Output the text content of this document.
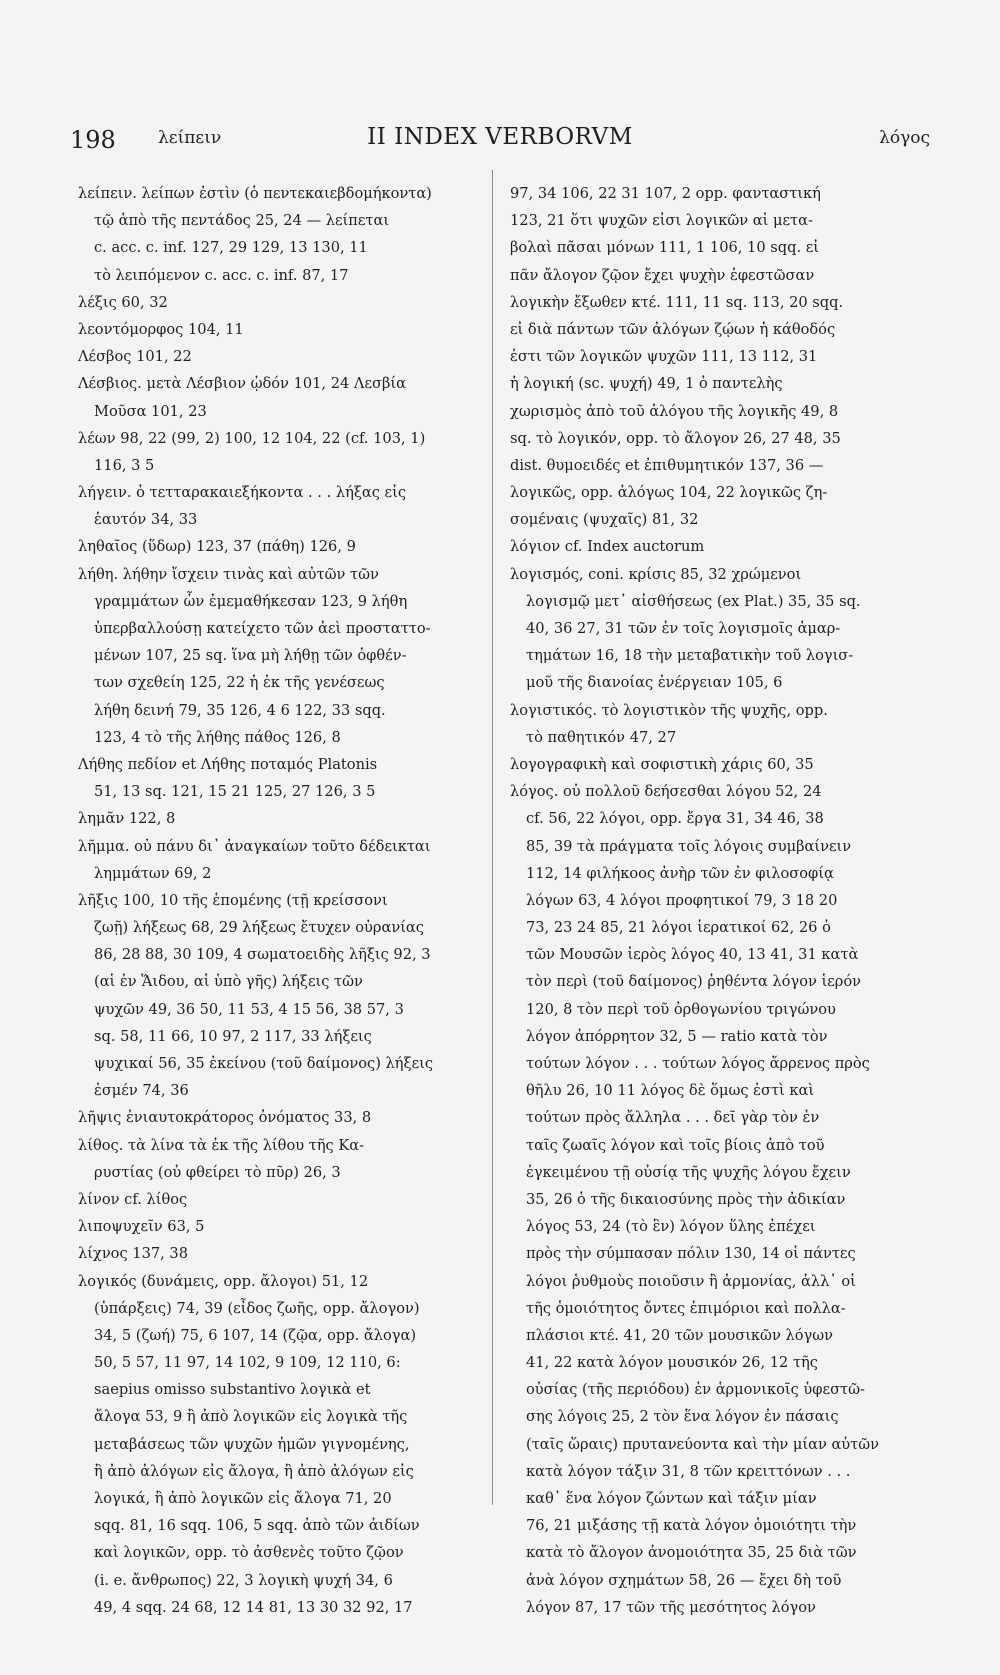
198 λείπειν	II INDEX VERBORVM	λόγος
λείπειν. λείπων ἐστὶν (ὁ πεντεκαιεβδομήκοντα)
τῷ ἀπὸ τῆς πεντάδος 25, 24 — λείπεται
c. acc. c. inf. 127, 29 129, 13 130, 11
τὸ λειπόμενον c. acc. c. inf. 87, 17
λέξις 60, 32
λεοντόμορφος 104, 11
Λέσβος 101, 22
Λέσβιος. μετὰ Λέσβιον ᾠδόν 101, 24 Λεσβία
Μοῦσα 101, 23
λέων 98, 22 (99, 2) 100, 12 104, 22 (cf. 103, 1)
116, 3 5
λήγειν. ὁ τετταρακαιεξήκοντα . . . λήξας εἰς
ἑαυτόν 34, 33
ληθαῖος (ὕδωρ) 123, 37 (πάθη) 126, 9
λήθη. λήθην ἴσχειν τινὰς καὶ αὐτῶν τῶν
γραμμάτων ὧν ἐμεμαθήκεσαν 123, 9 λήθη
ὑπερβαλλούσῃ κατείχετο τῶν ἀεὶ προσταττο-
μένων 107, 25 sq. ἵνα μὴ λήθῃ τῶν ὀφθέν-
των σχεθείη 125, 22 ἡ ἐκ τῆς γενέσεως
λήθη δεινή 79, 35 126, 4 6 122, 33 sqq.
123, 4 τὸ τῆς λήθης πάθος 126, 8
Λήθης πεδίον et Λήθης ποταμός Platonis
51, 13 sq. 121, 15 21 125, 27 126, 3 5
λημᾶν 122, 8
λῆμμα. οὐ πάνυ δι᾽ ἀναγκαίων τοῦτο δέδεικται
λημμάτων 69, 2
λῆξις 100, 10 τῆς ἑπομένης (τῇ κρείσσονι
ζωῇ) λήξεως 68, 29 λήξεως ἔτυχεν οὐρανίας
86, 28 88, 30 109, 4 σωματοειδὴς λῆξις 92, 3
(αἱ ἐν Ἅιδου, αἱ ὑπὸ γῆς) λήξεις τῶν
ψυχῶν 49, 36 50, 11 53, 4 15 56, 38 57, 3
sq. 58, 11 66, 10 97, 2 117, 33 λήξεις
ψυχικαί 56, 35 ἐκείνου (τοῦ δαίμονος) λήξεις
ἐσμέν 74, 36
λῆψις ἐνιαυτοκράτορος ὀνόματος 33, 8
λίθος. τὰ λίνα τὰ ἐκ τῆς λίθου τῆς Κα-
ρυστίας (οὐ φθείρει τὸ πῦρ) 26, 3
λίνον cf. λίθος
λιποψυχεῖν 63, 5
λίχνος 137, 38
λογικός (δυνάμεις, opp. ἄλογοι) 51, 12
(ὑπάρξεις) 74, 39 (εἶδος ζωῆς, opp. ἄλογον)
34, 5 (ζωή) 75, 6 107, 14 (ζῷα, opp. ἄλογα)
50, 5 57, 11 97, 14 102, 9 109, 12 110, 6:
saepius omisso substantivo λογικὰ et
ἄλογα 53, 9 ἢ ἀπὸ λογικῶν εἰς λογικὰ τῆς
μεταβάσεως τῶν ψυχῶν ἡμῶν γιγνομένης,
ἢ ἀπὸ ἀλόγων εἰς ἄλογα, ἢ ἀπὸ ἀλόγων εἰς
λογικά, ἢ ἀπὸ λογικῶν εἰς ἄλογα 71, 20
sqq. 81, 16 sqq. 106, 5 sqq. ἀπὸ τῶν ἀιδίων
καὶ λογικῶν, opp. τὸ ἀσθενὲς τοῦτο ζῷον
(i. e. ἄνθρωπος) 22, 3 λογικὴ ψυχή 34, 6
49, 4 sqq. 24 68, 12 14 81, 13 30 32 92, 17
97, 34 106, 22 31 107, 2 opp. φανταστική
123, 21 ὅτι ψυχῶν εἰσι λογικῶν αἱ μετα-
βολαὶ πᾶσαι μόνων 111, 1 106, 10 sqq. εἰ
πᾶν ἄλογον ζῷον ἔχει ψυχὴν ἐφεστῶσαν
λογικὴν ἔξωθεν κτέ. 111, 11 sq. 113, 20 sqq.
εἰ διὰ πάντων τῶν ἀλόγων ζῴων ἡ κάθοδός
ἐστι τῶν λογικῶν ψυχῶν 111, 13 112, 31
ἡ λογική (sc. ψυχή) 49, 1 ὁ παντελὴς
χωρισμὸς ἀπὸ τοῦ ἀλόγου τῆς λογικῆς 49, 8
sq. τὸ λογικόν, opp. τὸ ἄλογον 26, 27 48, 35
dist. θυμοειδές et ἐπιθυμητικόν 137, 36 —
λογικῶς, opp. ἀλόγως 104, 22 λογικῶς ζη-
σομέναις (ψυχαῖς) 81, 32
λόγιον cf. Index auctorum
λογισμός, coni. κρίσις 85, 32 χρώμενοι
λογισμῷ μετ᾽ αἰσθήσεως (ex Plat.) 35, 35 sq.
40, 36 27, 31 τῶν ἐν τοῖς λογισμοῖς ἁμαρ-
τημάτων 16, 18 τὴν μεταβατικὴν τοῦ λογισ-
μοῦ τῆς διανοίας ἐνέργειαν 105, 6
λογιστικός. τὸ λογιστικὸν τῆς ψυχῆς, opp.
τὸ παθητικόν 47, 27
λογογραφικὴ καὶ σοφιστικὴ χάρις 60, 35
λόγος. οὐ πολλοῦ δεήσεσθαι λόγου 52, 24
cf. 56, 22 λόγοι, opp. ἔργα 31, 34 46, 38
85, 39 τὰ πράγματα τοῖς λόγοις συμβαίνειν
112, 14 φιλήκοος ἀνὴρ τῶν ἐν φιλοσοφίᾳ
λόγων 63, 4 λόγοι προφητικοί 79, 3 18 20
73, 23 24 85, 21 λόγοι ἱερατικοί 62, 26 ὁ
τῶν Μουσῶν ἱερὸς λόγος 40, 13 41, 31 κατὰ
τὸν περὶ (τοῦ δαίμονος) ῥηθέντα λόγον ἱερόν
120, 8 τὸν περὶ τοῦ ὀρθογωνίου τριγώνου
λόγον ἀπόρρητον 32, 5 — ratio κατὰ τὸν
τούτων λόγον . . . τούτων λόγος ἄρρενος πρὸς
θῆλυ 26, 10 11 λόγος δὲ ὅμως ἐστὶ καὶ
τούτων πρὸς ἄλληλα . . . δεῖ γὰρ τὸν ἐν
ταῖς ζωαῖς λόγον καὶ τοῖς βίοις ἀπὸ τοῦ
ἐγκειμένου τῇ οὐσίᾳ τῆς ψυχῆς λόγου ἔχειν
35, 26 ὁ τῆς δικαιοσύνης πρὸς τὴν ἀδικίαν
λόγος 53, 24 (τὸ ἓν) λόγον ὕλης ἐπέχει
πρὸς τὴν σύμπασαν πόλιν 130, 14 οἱ πάντες
λόγοι ῥυθμοὺς ποιοῦσιν ἢ ἁρμονίας, ἀλλ᾽ οἱ
τῆς ὁμοιότητος ὄντες ἐπιμόριοι καὶ πολλα-
πλάσιοι κτέ. 41, 20 τῶν μουσικῶν λόγων
41, 22 κατὰ λόγον μουσικόν 26, 12 τῆς
οὐσίας (τῆς περιόδου) ἐν ἁρμονικοῖς ὑφεστῶ-
σης λόγοις 25, 2 τὸν ἕνα λόγον ἐν πάσαις
(ταῖς ὥραις) πρυτανεύοντα καὶ τὴν μίαν αὐτῶν
κατὰ λόγον τάξιν 31, 8 τῶν κρειττόνων . . .
καθ᾽ ἕνα λόγον ζώντων καὶ τάξιν μίαν
76, 21 μιξάσης τῇ κατὰ λόγον ὁμοιότητι τὴν
κατὰ τὸ ἄλογον ἀνομοιότητα 35, 25 διὰ τῶν
ἀνὰ λόγον σχημάτων 58, 26 — ἔχει δὴ τοῦ
λόγον 87, 17 τῶν τῆς μεσότητος λόγον
